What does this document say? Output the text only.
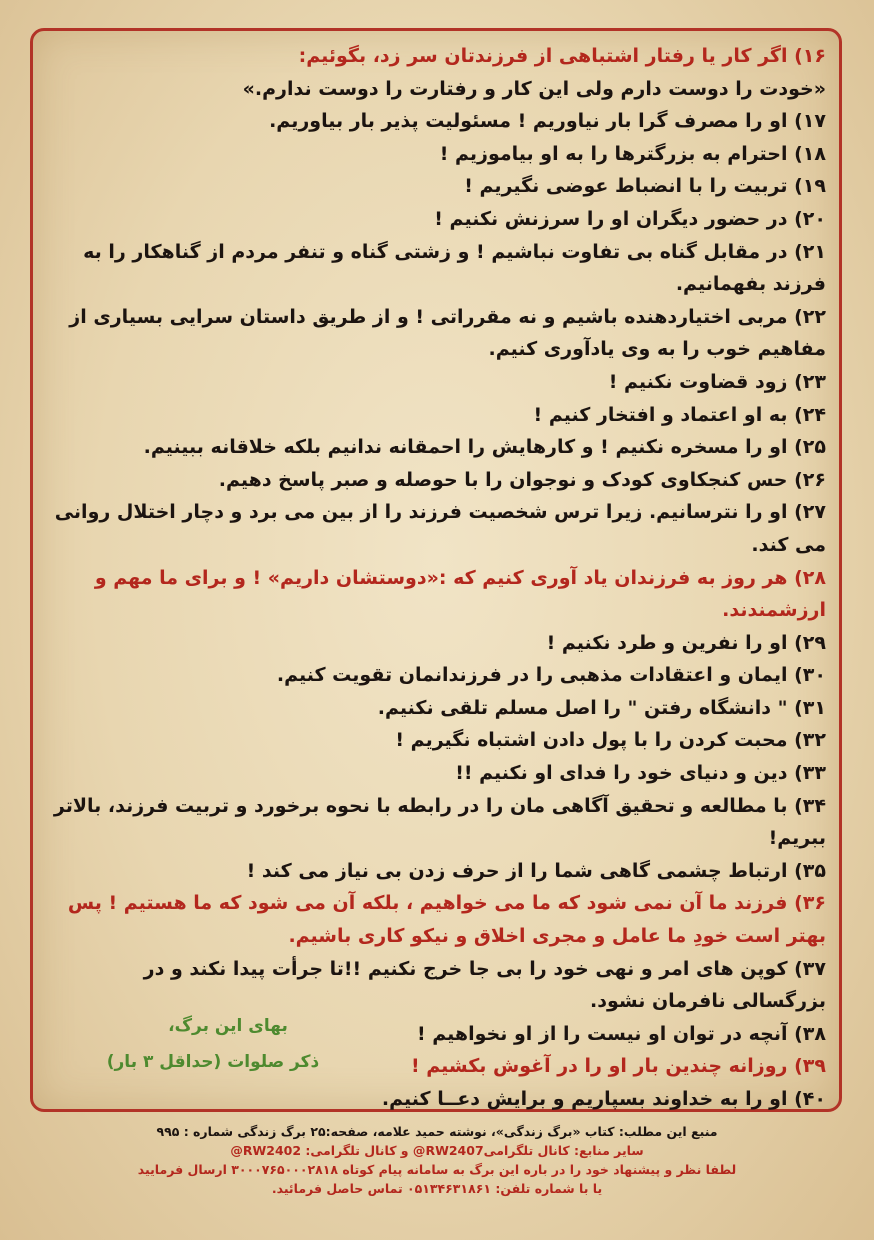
۱۶) اگر کار یا رفتار اشتباهی از فرزندتان سر زد، بگوئیم:

«خودت را دوست دارم ولی این کار و رفتارت را دوست ندارم.»

۱۷) او را مصرف گرا بار نیاوریم ! مسئولیت پذیر بار بیاوریم.

۱۸) احترام به بزرگترها را به او بیاموزیم !

۱۹) تربیت را با انضباط عوضی نگیریم !

۲۰) در حضور دیگران او را سرزنش نکنیم !

۲۱) در مقابل گناه بی تفاوت نباشیم ! و زشتی گناه و تنفر مردم از گناهکار را به فرزند بفهمانیم.

۲۲) مربی اختیاردهنده باشیم و نه مقرراتی ! و از طریق داستان سرایی بسیاری از مفاهیم خوب را به وی یادآوری کنیم.

۲۳) زود قضاوت نکنیم !

۲۴) به او اعتماد و افتخار کنیم !

۲۵) او را مسخره نکنیم ! و کارهایش را احمقانه ندانیم بلکه خلاقانه ببینیم.

۲۶) حس کنجکاوی کودک و نوجوان را با حوصله و صبر پاسخ دهیم.

۲۷) او را نترسانیم. زیرا ترس شخصیت فرزند را از بین می برد و دچار اختلال روانی می کند.

۲۸) هر روز به فرزندان یاد آوری کنیم که :«دوستشان داریم» ! و برای ما مهم و ارزشمندند.

۲۹) او را نفرین و طرد نکنیم !

۳۰) ایمان و اعتقادات مذهبی را در فرزندانمان تقویت کنیم.

۳۱) " دانشگاه رفتن " را اصل مسلم تلقی نکنیم.

۳۲) محبت کردن را با پول دادن اشتباه نگیریم !

۳۳) دین و دنیای خود را فدای او نکنیم !!

۳۴) با مطالعه و تحقیق آگاهی مان را در رابطه با نحوه برخورد و تربیت فرزند، بالاتر ببریم!

۳۵) ارتباط چشمی گاهی شما را از حرف زدن بی نیاز می کند !

۳۶) فرزند ما آن نمی شود که ما می خواهیم ، بلکه آن می شود که ما هستیم ! پس بهتر است خودِ ما عامل و مجری اخلاق و نیکو کاری باشیم.

۳۷) کوپن های امر و نهی خود را بی جا خرج نکنیم !!تا جرأت پیدا نکند و در بزرگسالی نافرمان نشود.

۳۸) آنچه در توان او نیست را از او نخواهیم !

۳۹) روزانه چندین بار او را در آغوش بکشیم !

۴۰) او را به خداوند بسپاریم و برایش دعــا کنیم.

بهای این برگ،
ذکر صلوات (حداقل ۳ بار)
منبع این مطلب: کتاب «برگ زندگی»، نوشته حمید علامه، صفحه:۲۵ برگ زندگی شماره : ۹۹۵
سایر منابع: کانال تلگرامیRW2407@ و کانال تلگرامی: RW2402@
لطفا نظر و پیشنهاد خود را در باره این برگ به سامانه پیام کوتاه ۳۰۰۰۷۶۵۰۰۰۲۸۱۸ ارسال فرمایید
یا با شماره تلفن: ۰۵۱۳۴۶۳۱۸۶۱ تماس حاصل فرمائید.
